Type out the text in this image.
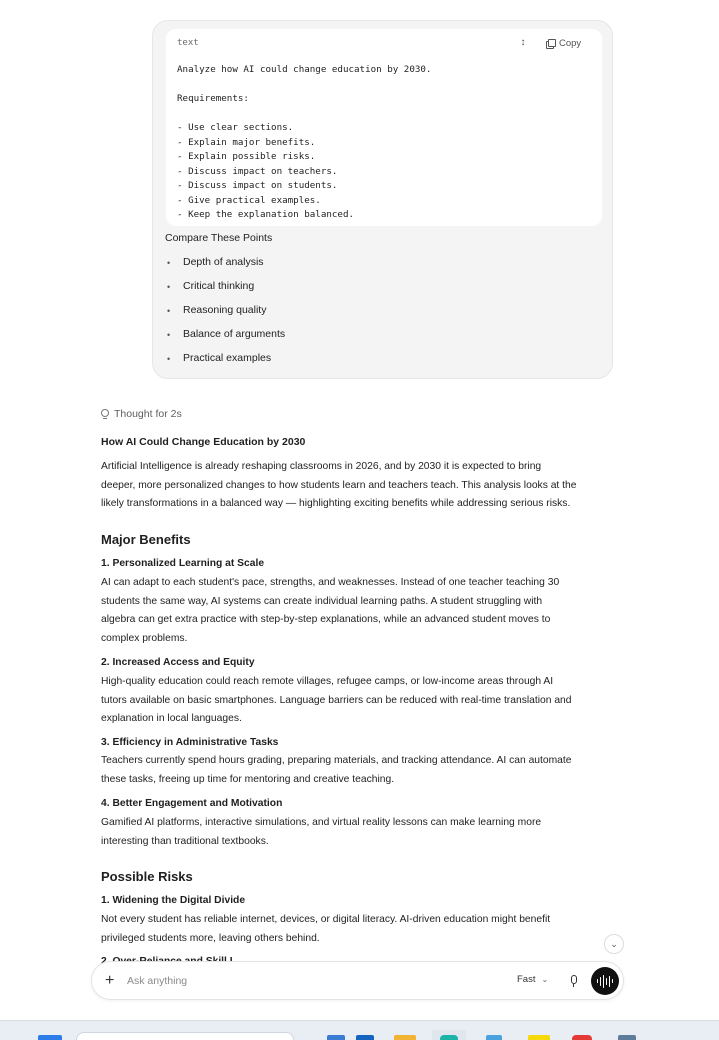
text	↕	Copy
Analyze how AI could change education by 2030.
Requirements:
- Use clear sections.
- Explain major benefits.
- Explain possible risks.
- Discuss impact on teachers.
- Discuss impact on students.
- Give practical examples.
- Keep the explanation balanced.
Compare These Points
•	Depth of analysis
•	Critical thinking
•	Reasoning quality
•	Balance of arguments
•	Practical examples
Thought for 2s
How AI Could Change Education by 2030
Artificial Intelligence is already reshaping classrooms in 2026, and by 2030 it is expected to bring
deeper, more personalized changes to how students learn and teachers teach. This analysis looks at the
likely transformations in a balanced way — highlighting exciting benefits while addressing serious risks.
Major Benefits
1. Personalized Learning at Scale
AI can adapt to each student's pace, strengths, and weaknesses. Instead of one teacher teaching 30
students the same way, AI systems can create individual learning paths. A student struggling with
algebra can get extra practice with step-by-step explanations, while an advanced student moves to
complex problems.
2. Increased Access and Equity
High-quality education could reach remote villages, refugee camps, or low-income areas through AI
tutors available on basic smartphones. Language barriers can be reduced with real-time translation and
explanation in local languages.
3. Efficiency in Administrative Tasks
Teachers currently spend hours grading, preparing materials, and tracking attendance. AI can automate
these tasks, freeing up time for mentoring and creative teaching.
4. Better Engagement and Motivation
Gamified AI platforms, interactive simulations, and virtual reality lessons can make learning more
interesting than traditional textbooks.
Possible Risks
1. Widening the Digital Divide
Not every student has reliable internet, devices, or digital literacy. AI-driven education might benefit
privileged students more, leaving others behind.
⌄
+
Ask anything	Fast ⌄
